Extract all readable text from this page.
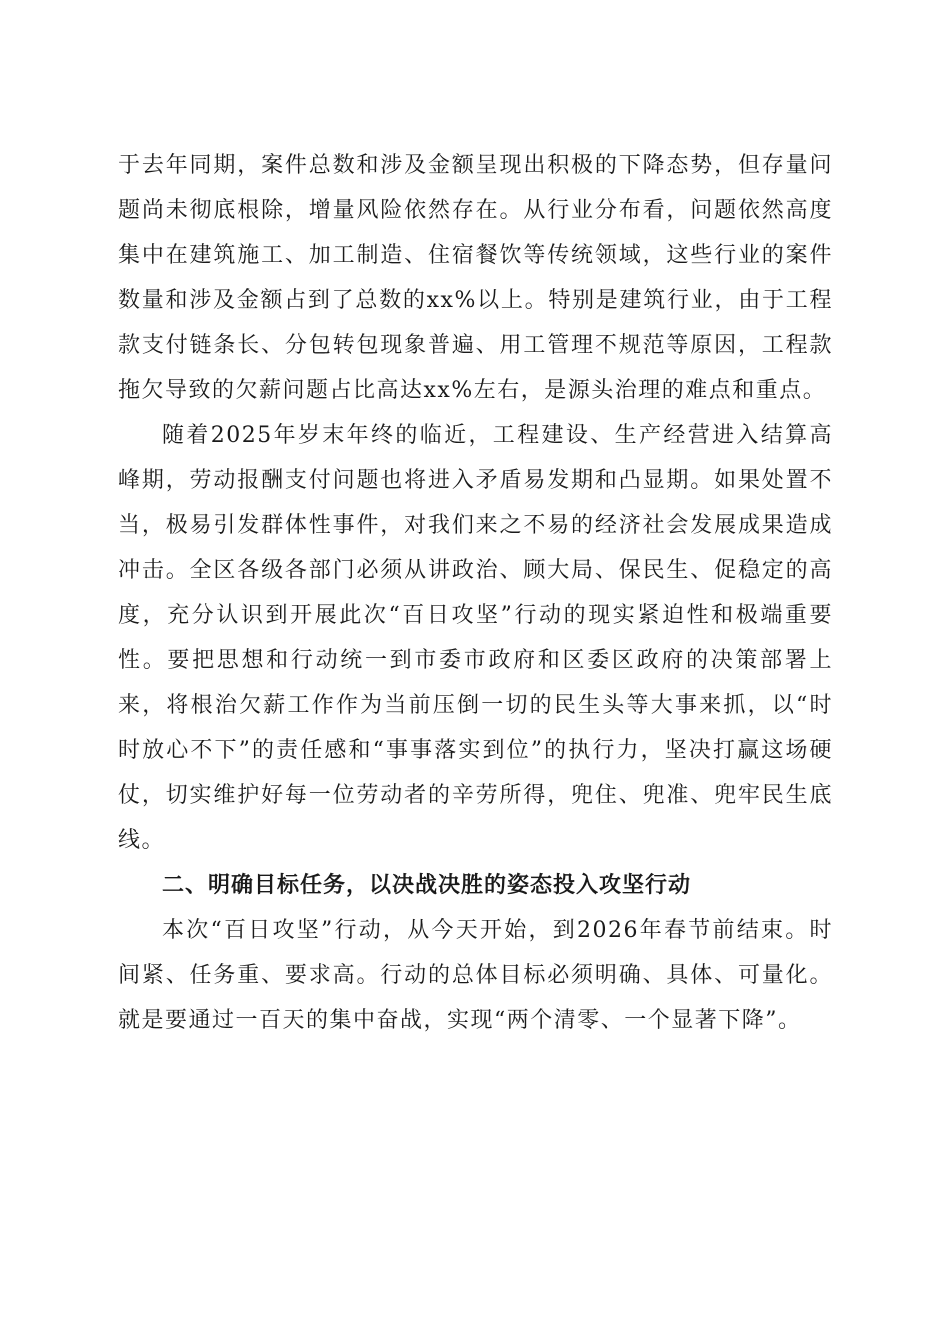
于去年同期，案件总数和涉及金额呈现出积极的下降态势，但存量问题尚未彻底根除，增量风险依然存在。从行业分布看，问题依然高度集中在建筑施工、加工制造、住宿餐饮等传统领域，这些行业的案件数量和涉及金额占到了总数的xx%以上。特别是建筑行业，由于工程款支付链条长、分包转包现象普遍、用工管理不规范等原因，工程款拖欠导致的欠薪问题占比高达xx%左右，是源头治理的难点和重点。

随着2025年岁末年终的临近，工程建设、生产经营进入结算高峰期，劳动报酬支付问题也将进入矛盾易发期和凸显期。如果处置不当，极易引发群体性事件，对我们来之不易的经济社会发展成果造成冲击。全区各级各部门必须从讲政治、顾大局、保民生、促稳定的高度，充分认识到开展此次“百日攻坚”行动的现实紧迫性和极端重要性。要把思想和行动统一到市委市政府和区委区政府的决策部署上来，将根治欠薪工作作为当前压倒一切的民生头等大事来抓，以“时时放心不下”的责任感和“事事落实到位”的执行力，坚决打赢这场硬仗，切实维护好每一位劳动者的辛劳所得，兜住、兜准、兜牢民生底线。

二、明确目标任务，以决战决胜的姿态投入攻坚行动

本次“百日攻坚”行动，从今天开始，到2026年春节前结束。时间紧、任务重、要求高。行动的总体目标必须明确、具体、可量化。就是要通过一百天的集中奋战，实现“两个清零、一个显著下降”。
